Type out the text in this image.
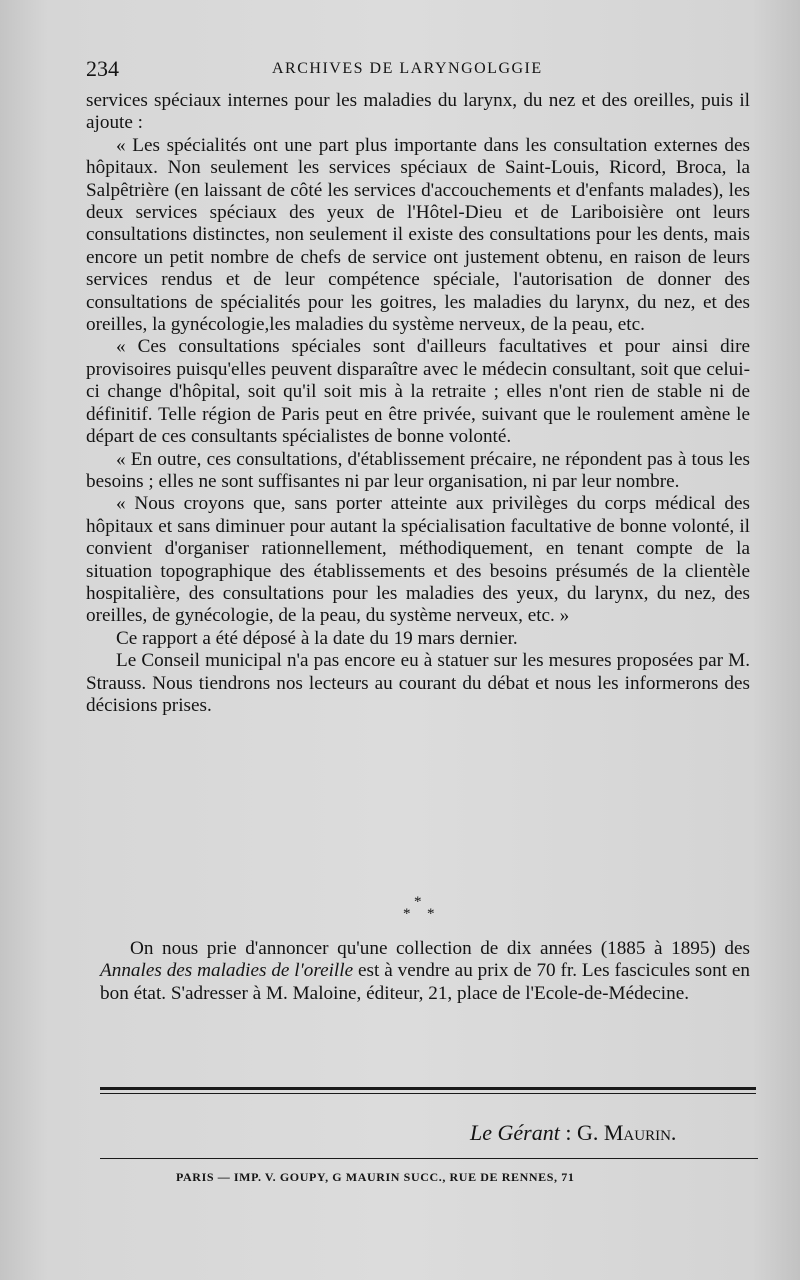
234	ARCHIVES DE LARYNGOLGGIE

services spéciaux internes pour les maladies du larynx, du nez et des oreilles, puis il ajoute :

« Les spécialités ont une part plus importante dans les consultation externes des hôpitaux. Non seulement les services spéciaux de Saint-Louis, Ricord, Broca, la Salpêtrière (en laissant de côté les services d'accouchements et d'enfants malades), les deux services spéciaux des yeux de l'Hôtel-Dieu et de Lariboisière ont leurs consultations distinctes, non seulement il existe des consultations pour les dents, mais encore un petit nombre de chefs de service ont justement obtenu, en raison de leurs services rendus et de leur compétence spéciale, l'autorisation de donner des consultations de spécialités pour les goitres, les maladies du larynx, du nez, et des oreilles, la gynécologie,les maladies du système nerveux, de la peau, etc.

« Ces consultations spéciales sont d'ailleurs facultatives et pour ainsi dire provisoires puisqu'elles peuvent disparaître avec le médecin consultant, soit que celui-ci change d'hôpital, soit qu'il soit mis à la retraite ; elles n'ont rien de stable ni de définitif. Telle région de Paris peut en être privée, suivant que le roulement amène le départ de ces consultants spécialistes de bonne volonté.

« En outre, ces consultations, d'établissement précaire, ne répondent pas à tous les besoins ; elles ne sont suffisantes ni par leur organisation, ni par leur nombre.

« Nous croyons que, sans porter atteinte aux privilèges du corps médical des hôpitaux et sans diminuer pour autant la spécialisation facultative de bonne volonté, il convient d'organiser rationnellement, méthodiquement, en tenant compte de la situation topographique des établissements et des besoins présumés de la clientèle hospitalière, des consultations pour les maladies des yeux, du larynx, du nez, des oreilles, de gynécologie, de la peau, du système nerveux, etc. »

Ce rapport a été déposé à la date du 19 mars dernier.

Le Conseil municipal n'a pas encore eu à statuer sur les mesures proposées par M. Strauss. Nous tiendrons nos lecteurs au courant du débat et nous les informerons des décisions prises.

*
* *

On nous prie d'annoncer qu'une collection de dix années (1885 à 1895) des Annales des maladies de l'oreille est à vendre au prix de 70 fr. Les fascicules sont en bon état. S'adresser à M. Maloine, éditeur, 21, place de l'Ecole-de-Médecine.

Le Gérant : G. Maurin.
PARIS — IMP. V. GOUPY, G MAURIN SUCC., RUE DE RENNES, 71
